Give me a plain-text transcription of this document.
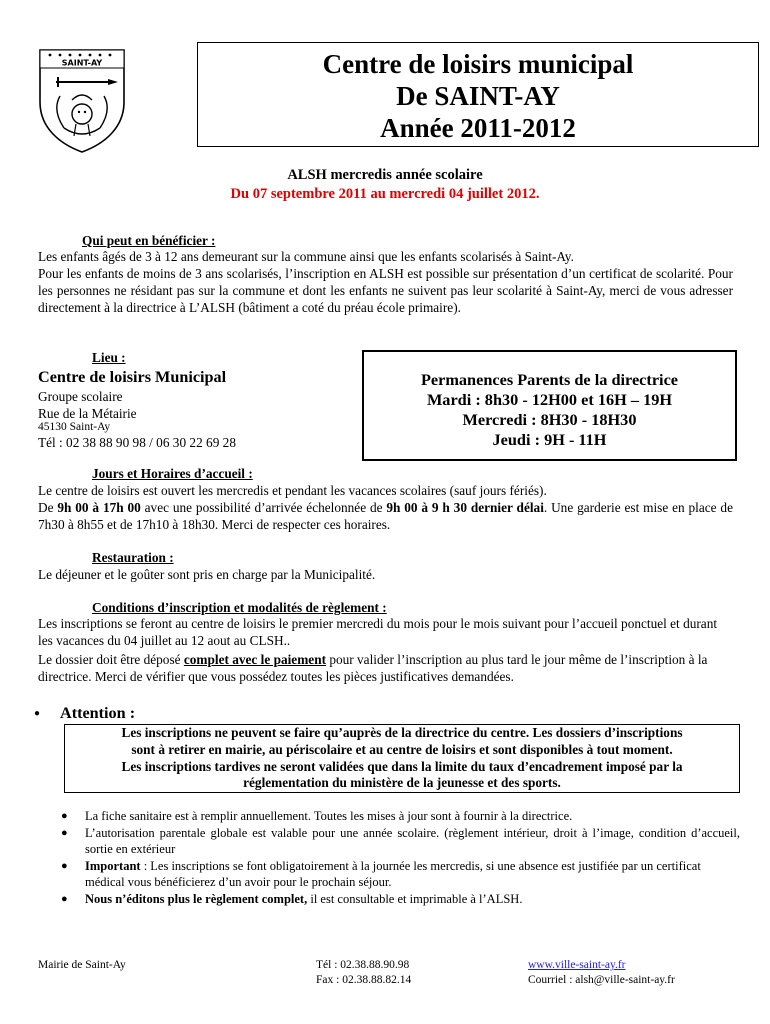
SAINT-AY	Centre de loisirs municipal
De SAINT-AY
Année 2011-2012
ALSH mercredis année scolaire
Du 07 septembre 2011 au mercredi 04 juillet 2012.
Qui peut en bénéficier :
Les enfants âgés de 3 à 12 ans demeurant sur la commune ainsi que les enfants scolarisés à Saint-Ay.
Pour les enfants de moins de 3 ans scolarisés, l’inscription en ALSH est possible sur présentation d’un certificat de scolarité. Pour les personnes ne résidant pas sur la commune et dont les enfants ne suivent pas leur scolarité à Saint-Ay, merci de vous adresser directement à la directrice à L’ALSH (bâtiment a coté du préau école primaire).
Lieu :
Centre de loisirs Municipal
Groupe scolaire
Rue de la Métairie
45130 Saint-Ay
Tél : 02 38 88 90 98 / 06 30 22 69 28
Permanences Parents de la directrice
Mardi : 8h30 - 12H00 et 16H – 19H
Mercredi : 8H30 - 18H30
Jeudi : 9H - 11H
Jours et Horaires d’accueil :
Le centre de loisirs est ouvert les mercredis et pendant les vacances scolaires (sauf jours fériés).
De 9h 00 à 17h 00 avec une possibilité d’arrivée échelonnée de 9h 00 à 9 h 30 dernier délai. Une garderie est mise en place de 7h30 à 8h55 et de 17h10 à 18h30. Merci de respecter ces horaires.
Restauration :
Le déjeuner et le goûter sont pris en charge par la Municipalité.
Conditions d’inscription et modalités de règlement :
Les inscriptions se feront au centre de loisirs le premier mercredi du mois pour le mois suivant pour l’accueil ponctuel et durant les vacances du 04 juillet au 12 aout au CLSH..
Le dossier doit être déposé complet avec le paiement pour valider l’inscription au plus tard le jour même de l’inscription à la directrice. Merci de vérifier que vous possédez toutes les pièces justificatives demandées.
● Attention :
Les inscriptions ne peuvent se faire qu’auprès de la directrice du centre. Les dossiers d’inscriptions
sont à retirer en mairie, au périscolaire et au centre de loisirs et sont disponibles à tout moment.
Les inscriptions tardives ne seront validées que dans la limite du taux d’encadrement imposé par la
réglementation du ministère de la jeunesse et des sports.
● La fiche sanitaire est à remplir annuellement. Toutes les mises à jour sont à fournir à la directrice.
● L’autorisation parentale globale est valable pour une année scolaire. (règlement intérieur, droit à l’image, condition d’accueil, sortie en extérieur
● Important : Les inscriptions se font obligatoirement à la journée les mercredis, si une absence est justifiée par un certificat médical vous bénéficierez d’un avoir pour le prochain séjour.
● Nous n’éditons plus le règlement complet, il est consultable et imprimable à l’ALSH.
Mairie de Saint-Ay	Tél : 02.38.88.90.98
Fax : 02.38.88.82.14
www.ville-saint-ay.fr
Courriel : alsh@ville-saint-ay.fr
